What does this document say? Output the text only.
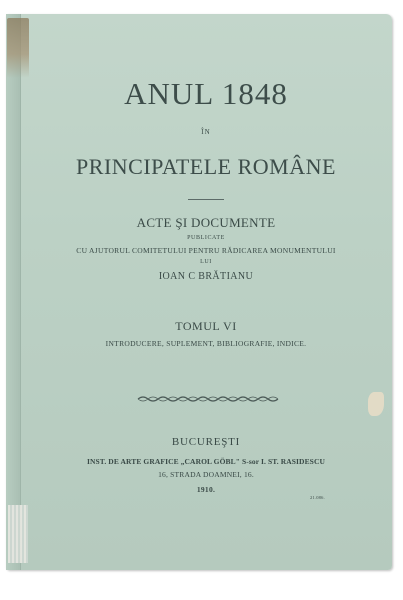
ANUL 1848
ÎN
PRINCIPATELE ROMÂNE
ACTE ŞI DOCUMENTE
PUBLICATE
CU AJUTORUL COMITETULUI PENTRU RĂDICAREA MONUMENTULUI
LUI
IOAN C BRĂTIANU
TOMUL VI
INTRODUCERE, SUPLEMENT, BIBLIOGRAFIE, INDICE.
BUCUREŞTI
INST. DE ARTE GRAFICE „CAROL GÖBL" S-sor I. ST. RASIDESCU
16, STRADA DOAMNEI, 16.
1910.
21.086.
